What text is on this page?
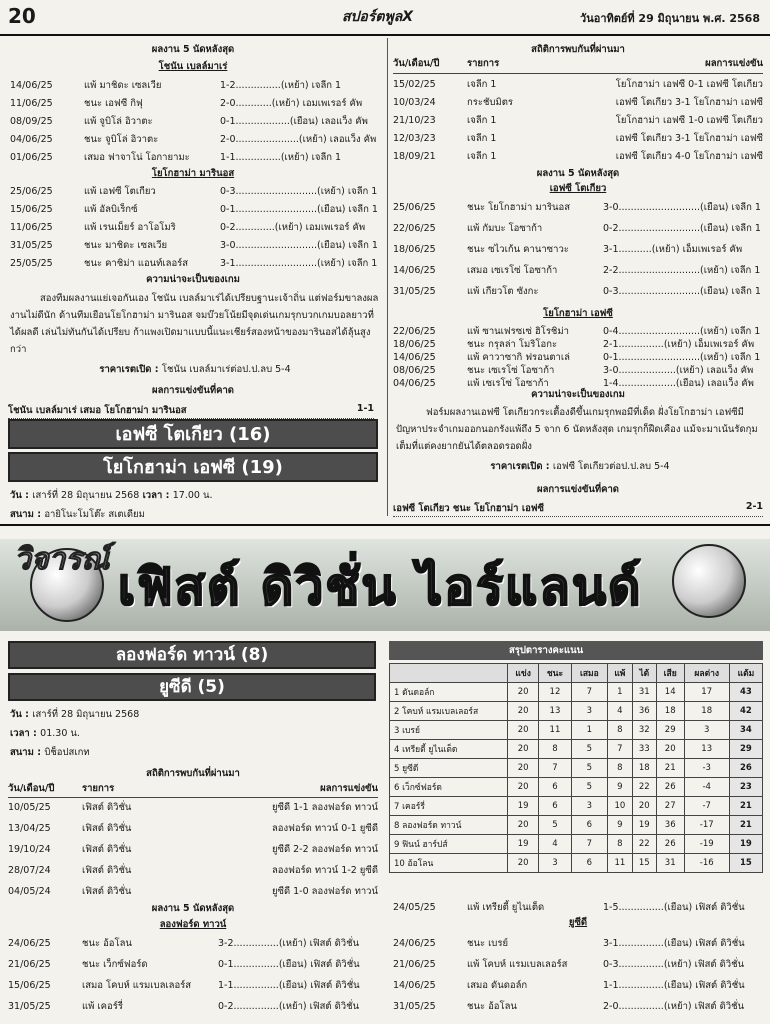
20	สปอร์ตพูลX	วันอาทิตย์ที่ 29 มิถุนายน พ.ศ. 2568
ผลงาน 5 นัดหลังสุด
โชนัน เบลล์มาเร่
14/06/25	แพ้ มาชิดะ เซลเวีย	1-2...............(เหย้า) เจลีก 1
11/06/25	ชนะ เอฟซี กิฟุ	2-0............(เหย้า) เอมเพเรอร์ คัพ
08/09/25	แพ้ จูบิโล่ อิวาตะ	0-1..................(เยือน) เลอแว็ง คัพ
04/06/25	ชนะ จูบิโล่ อิวาตะ	2-0.....................(เหย้า) เลอแว็ง คัพ
01/06/25	เสมอ ฟาจาโน่ โอกายามะ	1-1...............(เหย้า) เจลีก 1
โยโกฮาม่า มารินอส
25/06/25	แพ้ เอฟซี โตเกียว	0-3...........................(เหย้า) เจลีก 1
15/06/25	แพ้ อัลบิเร็กซ์	0-1...........................(เยือน) เจลีก 1
11/06/25	แพ้ เรนเม็ยร์ อาโอโมริ	0-2.............(เหย้า) เอมเพเรอร์ คัพ
31/05/25	ชนะ มาชิดะ เซลเวีย	3-0...........................(เยือน) เจลีก 1
25/05/25	ชนะ คาชิม่า แอนท์เลอร์ส	3-1...........................(เหย้า) เจลีก 1
ความน่าจะเป็นของเกม
สองทีมผลงานแย่เจอกันเอง โชนัน เบลล์มาเร่ได้เปรียบฐานะเจ้าถิ่น แต่ฟอร์มขาลงผลงานไม่ดีนัก ด้านทีมเยือนโยโกฮาม่า มารินอส จมบ๊วยโน้ยมีจุดเด่นเกมรุกบวกเกมบอลยาวที่ได้ผลดี เล่นไม่ทันกันได้เปรียบ ก้าแพงเปิดมาแบบนี้แนะเชียร์สองหน้าของมารินอสได้ลุ้นสูงกว่า
ราคาเรตเปิด : โชนัน เบลล์มาเร่ต่อป.ป.ลบ 5-4
ผลการแข่งขันที่คาด
โชนัน เบลล์มาเร่ เสมอ โยโกฮาม่า มารินอส	1-1
เอฟซี โตเกียว (16)
โยโกฮาม่า เอฟซี (19)
วัน : เสาร์ที่ 28 มิถุนายน 2568 เวลา : 17.00 น.
สนาม : อายิโนะโมโต๊ะ สเตเดียม
สถิติการพบกันที่ผ่านมา
วัน/เดือน/ปี	รายการ	ผลการแข่งขัน
15/02/25	เจลีก 1	โยโกฮาม่า เอฟซี 0-1 เอฟซี โตเกียว
10/03/24	กระชับมิตร	เอฟซี โตเกียว 3-1 โยโกฮาม่า เอฟซี
21/10/23	เจลีก 1	โยโกฮาม่า เอฟซี 1-0 เอฟซี โตเกียว
12/03/23	เจลีก 1	เอฟซี โตเกียว 3-1 โยโกฮาม่า เอฟซี
18/09/21	เจลีก 1	เอฟซี โตเกียว 4-0 โยโกฮาม่า เอฟซี
ผลงาน 5 นัดหลังสุด
เอฟซี โตเกียว
25/06/25	ชนะ โยโกฮาม่า มารินอส	3-0...........................(เยือน) เจลีก 1
22/06/25	แพ้ กัมบะ โอซาก้า	0-2...........................(เยือน) เจลีก 1
18/06/25	ชนะ ซไวเก้น คานาซาวะ	3-1...........(เหย้า) เอ็มเพเรอร์ คัพ
14/06/25	เสมอ เซเรโซ่ โอซาก้า	2-2...........................(เหย้า) เจลีก 1
31/05/25	แพ้ เกียวโต ซังกะ	0-3...........................(เยือน) เจลีก 1
โยโกฮาม่า เอฟซี
22/06/25	แพ้ ซานเฟรซเซ่ ฮิโรชิม่า	0-4...........................(เหย้า) เจลีก 1
18/06/25	ชนะ กรุลล่า โมริโอกะ	2-1...............(เหย้า) เอ็มเพเรอร์ คัพ
14/06/25	แพ้ คาวาซากิ ฟรอนตาเล่	0-1...........................(เหย้า) เจลีก 1
08/06/25	ชนะ เซเรโซ่ โอซาก้า	3-0...................(เหย้า) เลอแว็ง คัพ
04/06/25	แพ้ เซเรโซ่ โอซาก้า	1-4...................(เยือน) เลอแว็ง คัพ
ความน่าจะเป็นของเกม
ฟอร์มผลงานเอฟซี โตเกียวกระเตื้องดีขึ้นเกมรุกพอมีที่เด็ด ฝั่งโยโกฮาม่า เอฟซีมีปัญหาประจำเกมออกนอกรังแพ้ถึง 5 จาก 6 นัดหลังสุด เกมรุกก็ฝืดเคือง แม้จะมาเน้นรัดกุมเต็มที่แต่คงยากยันได้ตลอดรอดฝั่ง
ราคาเรตเปิด : เอฟซี โตเกียวต่อป.ป.ลบ 5-4
ผลการแข่งขันที่คาด
เอฟซี โตเกียว ชนะ โยโกฮาม่า เอฟซี	2-1
วิจารณ์ เฟิสต์ ดิวิชั่น ไอร์แลนด์
ลองฟอร์ด ทาวน์ (8)
ยูซีดี (5)
วัน : เสาร์ที่ 28 มิถุนายน 2568
เวลา : 01.30 น.
สนาม : บิช็อปสเกท
สถิติการพบกันที่ผ่านมา
วัน/เดือน/ปี	รายการ	ผลการแข่งขัน
10/05/25	เฟิสต์ ดิวิชั่น	ยูซีดี 1-1 ลองฟอร์ด ทาวน์
13/04/25	เฟิสต์ ดิวิชั่น	ลองฟอร์ด ทาวน์ 0-1 ยูซีดี
19/10/24	เฟิสต์ ดิวิชั่น	ยูซีดี 2-2 ลองฟอร์ด ทาวน์
28/07/24	เฟิสต์ ดิวิชั่น	ลองฟอร์ด ทาวน์ 1-2 ยูซีดี
04/05/24	เฟิสต์ ดิวิชั่น	ยูซีดี 1-0 ลองฟอร์ด ทาวน์
ผลงาน 5 นัดหลังสุด
ลองฟอร์ด ทาวน์
24/06/25	ชนะ อ้อโลน	3-2...............(เหย้า) เฟิสต์ ดิวิชั่น
21/06/25	ชนะ เว็กซ์ฟอร์ด	0-1...............(เยือน) เฟิสต์ ดิวิชั่น
15/06/25	เสมอ โคบห์ แรมเบลเลอร์ส	1-1...............(เยือน) เฟิสต์ ดิวิชั่น
31/05/25	แพ้ เคอร์รี่	0-2...............(เหย้า) เฟิสต์ ดิวิชั่น
สรุปตารางคะแนน
	แข่ง	ชนะ	เสมอ	แพ้	ได้	เสีย	ผลต่าง	แต้ม
1 ดันดอล์ก	20	12	7	1	31	14	17	43
2 โคบห์ แรมเบลเลอร์ส	20	13	3	4	36	18	18	42
3 เบรย์	20	11	1	8	32	29	3	34
4 เทรียตี้ ยูไนเต็ด	20	8	5	7	33	20	13	29
5 ยูซีดี	20	7	5	8	18	21	-3	26
6 เว็กซ์ฟอร์ด	20	6	5	9	22	26	-4	23
7 เคอร์รี่	19	6	3	10	20	27	-7	21
8 ลองฟอร์ด ทาวน์	20	5	6	9	19	36	-17	21
9 ฟินน์ ฮาร์ปส์	19	4	7	8	22	26	-19	19
10 อ้อโลน	20	3	6	11	15	31	-16	15
24/05/25	แพ้ เทรียตี้ ยูไนเต็ด	1-5...............(เยือน) เฟิสต์ ดิวิชั่น
ยูซีดี
24/06/25	ชนะ เบรย์	3-1...............(เยือน) เฟิสต์ ดิวิชั่น
21/06/25	แพ้ โคบห์ แรมเบลเลอร์ส	0-3...............(เหย้า) เฟิสต์ ดิวิชั่น
14/06/25	เสมอ ดันดอล์ก	1-1...............(เยือน) เฟิสต์ ดิวิชั่น
31/05/25	ชนะ อ้อโลน	2-0...............(เหย้า) เฟิสต์ ดิวิชั่น
